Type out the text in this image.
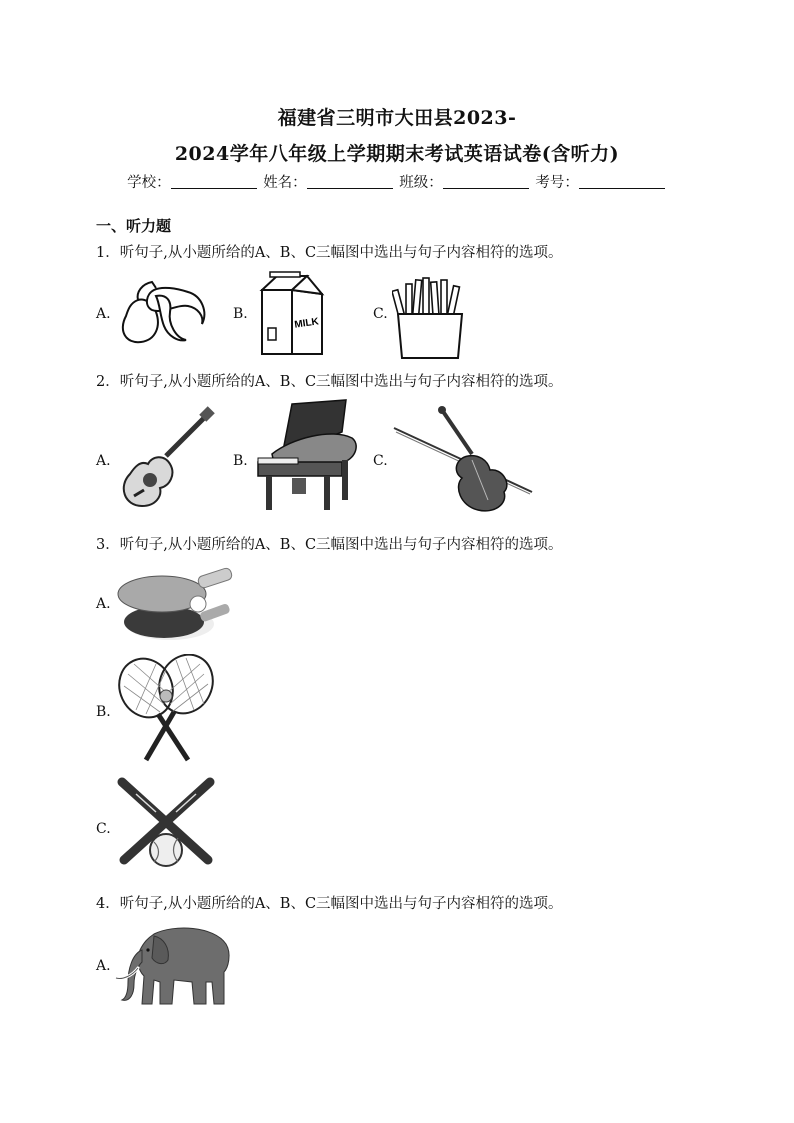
福建省三明市大田县2023-
2024学年八年级上学期期末考试英语试卷(含听力)
学校：	姓名：	班级：	考号：
一、听力题
1．听句子,从小题所给的A、B、C三幅图中选出与句子内容相符的选项。
A.	B.
MILK
C.
2．听句子,从小题所给的A、B、C三幅图中选出与句子内容相符的选项。
A.	B.	C.
3．听句子,从小题所给的A、B、C三幅图中选出与句子内容相符的选项。
A.
B.
C.
4．听句子,从小题所给的A、B、C三幅图中选出与句子内容相符的选项。
A.
